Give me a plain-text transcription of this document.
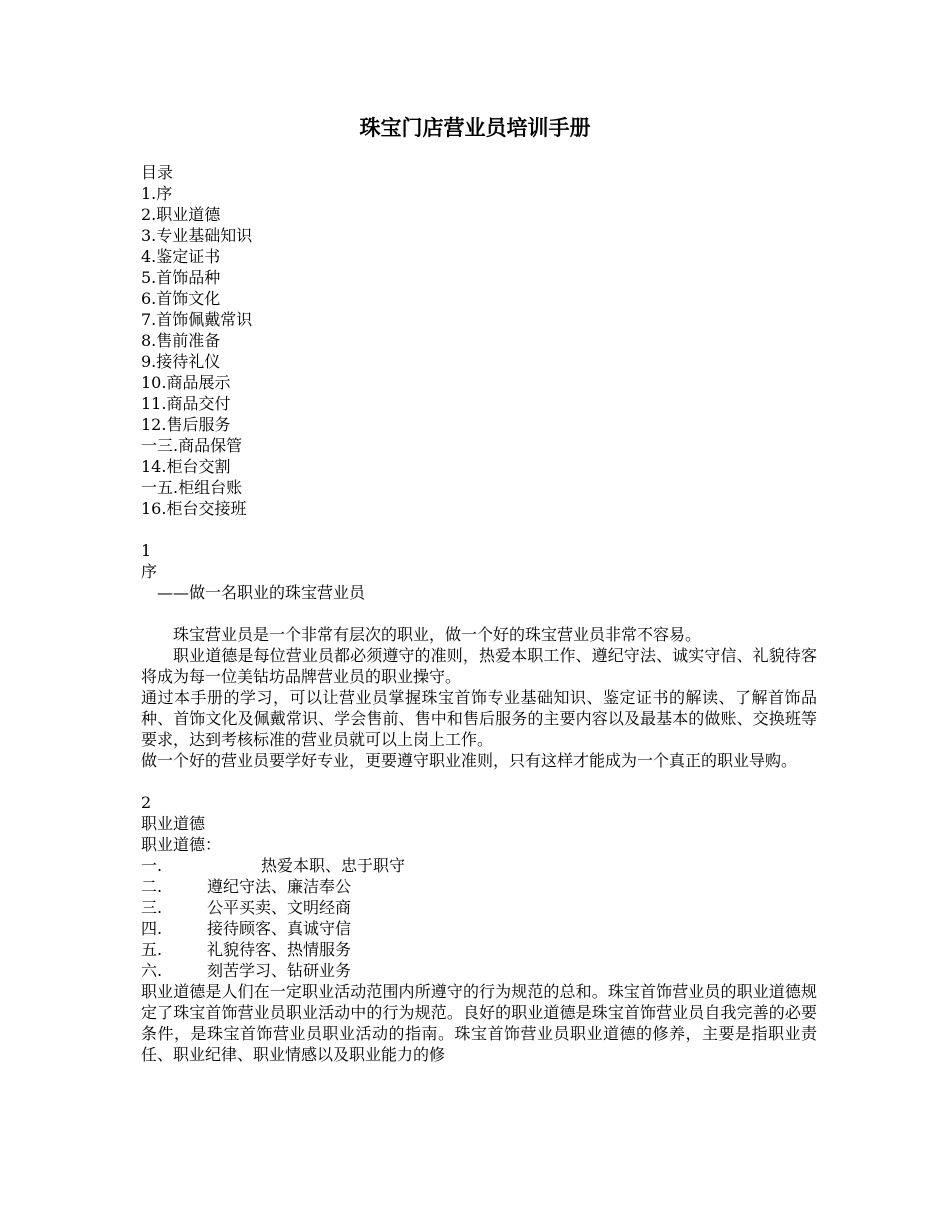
珠宝门店营业员培训手册
目录
1.序
2.职业道德
3.专业基础知识
4.鉴定证书
5.首饰品种
6.首饰文化
7.首饰佩戴常识
8.售前准备
9.接待礼仪
10.商品展示
11.商品交付
12.售后服务
一三.商品保管
14.柜台交割
一五.柜组台账
16.柜台交接班
1
序
——做一名职业的珠宝营业员
珠宝营业员是一个非常有层次的职业，做一个好的珠宝营业员非常不容易。
职业道德是每位营业员都必须遵守的准则，热爱本职工作、遵纪守法、诚实守信、礼貌待客将成为每一位美钻坊品牌营业员的职业操守。
通过本手册的学习，可以让营业员掌握珠宝首饰专业基础知识、鉴定证书的解读、了解首饰品种、首饰文化及佩戴常识、学会售前、售中和售后服务的主要内容以及最基本的做账、交换班等要求，达到考核标准的营业员就可以上岗上工作。
做一个好的营业员要学好专业，更要遵守职业准则，只有这样才能成为一个真正的职业导购。
2
职业道德
职业道德：
一.	热爱本职、忠于职守
二.	遵纪守法、廉洁奉公
三.	公平买卖、文明经商
四.	接待顾客、真诚守信
五.	礼貌待客、热情服务
六.	刻苦学习、钻研业务
职业道德是人们在一定职业活动范围内所遵守的行为规范的总和。珠宝首饰营业员的职业道德规定了珠宝首饰营业员职业活动中的行为规范。良好的职业道德是珠宝首饰营业员自我完善的必要条件，是珠宝首饰营业员职业活动的指南。珠宝首饰营业员职业道德的修养，主要是指职业责任、职业纪律、职业情感以及职业能力的修
